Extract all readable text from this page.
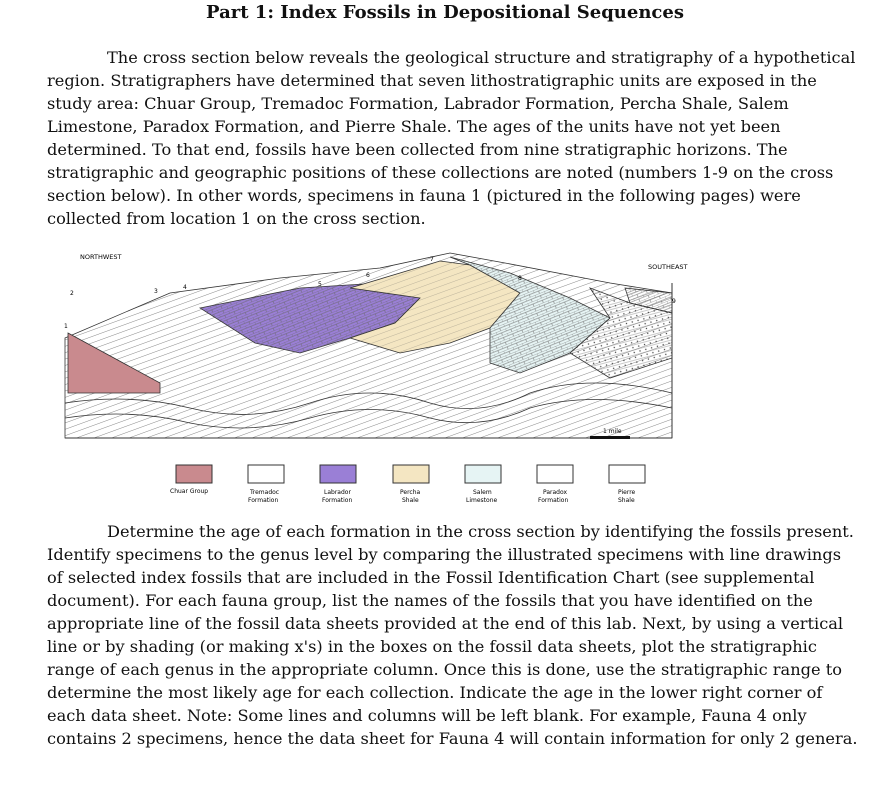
Part 1: Index Fossils in Depositional Sequences

The cross section below reveals the geological structure and stratigraphy of a hypothetical region. Stratigraphers have determined that seven lithostratigraphic units are exposed in the study area: Chuar Group, Tremadoc Formation, Labrador Formation, Percha Shale, Salem Limestone, Paradox Formation, and Pierre Shale. The ages of the units have not yet been determined. To that end, fossils have been collected from nine stratigraphic horizons. The stratigraphic and geographic positions of these collections are noted (numbers 1-9 on the cross section below). In other words, specimens in fauna 1 (pictured in the following pages) were collected from location 1 on the cross section.

NORTHWEST
SOUTHEAST
1
2	3
4	5
6
7
8
9
1 mile
Chuar Group	Tremadoc
Formation
Labrador
Formation
Percha
Shale
Salem
Limestone
Paradox
Formation
Pierre
Shale

Determine the age of each formation in the cross section by identifying the fossils present. Identify specimens to the genus level by comparing the illustrated specimens with line drawings of selected index fossils that are included in the Fossil Identification Chart (see supplemental document). For each fauna group, list the names of the fossils that you have identified on the appropriate line of the fossil data sheets provided at the end of this lab. Next, by using a vertical line or by shading (or making x's) in the boxes on the fossil data sheets, plot the stratigraphic range of each genus in the appropriate column. Once this is done, use the stratigraphic range to determine the most likely age for each collection. Indicate the age in the lower right corner of each data sheet. Note: Some lines and columns will be left blank. For example, Fauna 4 only contains 2 specimens, hence the data sheet for Fauna 4 will contain information for only 2 genera.
